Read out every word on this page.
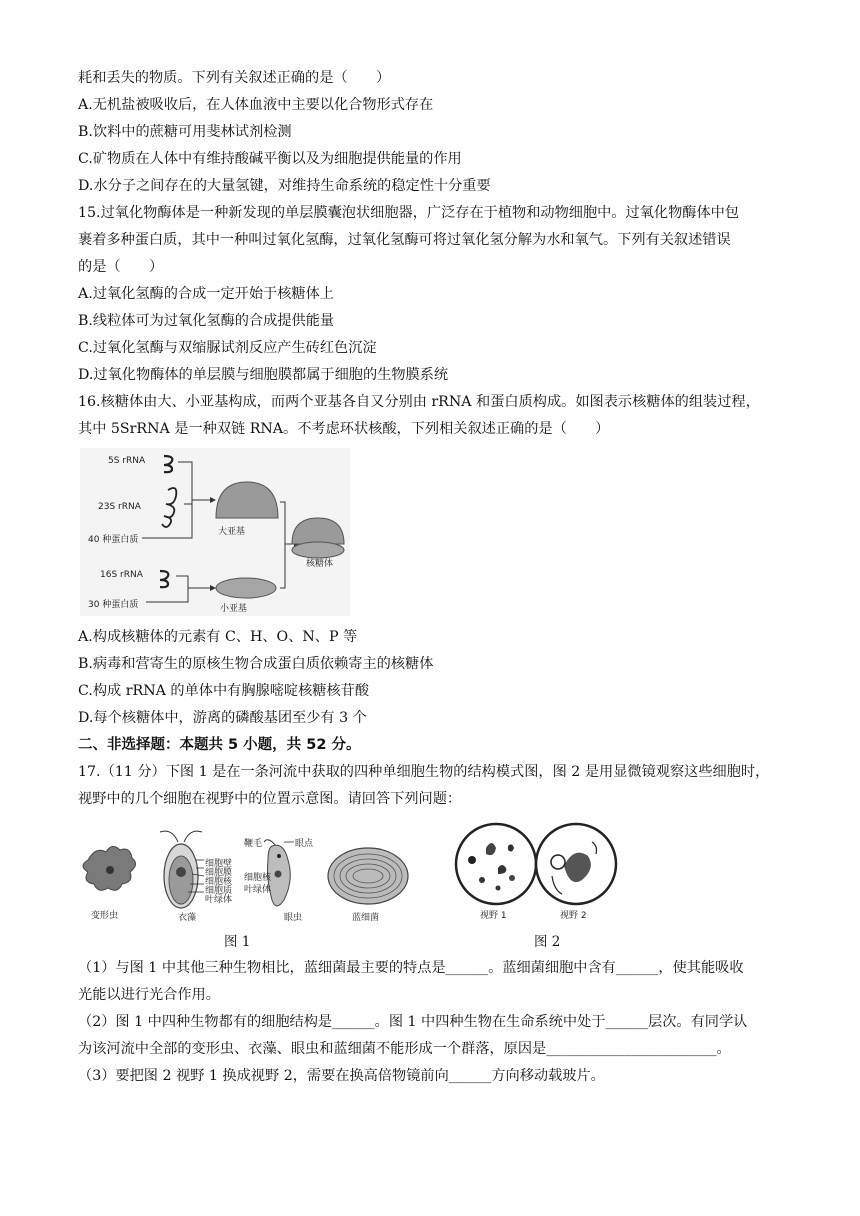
耗和丢失的物质。下列有关叙述正确的是（　　）
A.无机盐被吸收后，在人体血液中主要以化合物形式存在
B.饮料中的蔗糖可用斐林试剂检测
C.矿物质在人体中有维持酸碱平衡以及为细胞提供能量的作用
D.水分子之间存在的大量氢键，对维持生命系统的稳定性十分重要
15.过氧化物酶体是一种新发现的单层膜囊泡状细胞器，广泛存在于植物和动物细胞中。过氧化物酶体中包
裹着多种蛋白质，其中一种叫过氧化氢酶，过氧化氢酶可将过氧化氢分解为水和氧气。下列有关叙述错误
的是（　　）
A.过氧化氢酶的合成一定开始于核糖体上
B.线粒体可为过氧化氢酶的合成提供能量
C.过氧化氢酶与双缩脲试剂反应产生砖红色沉淀
D.过氧化物酶体的单层膜与细胞膜都属于细胞的生物膜系统
16.核糖体由大、小亚基构成，而两个亚基各自又分别由 rRNA 和蛋白质构成。如图表示核糖体的组装过程，
其中 5SrRNA 是一种双链 RNA。不考虑环状核酸，下列相关叙述正确的是（　　）
5S rRNA
23S rRNA
40 种蛋白质
大亚基
16S rRNA
30 种蛋白质	小亚基
核糖体
A.构成核糖体的元素有 C、H、O、N、P 等
B.病毒和营寄生的原核生物合成蛋白质依赖寄主的核糖体
C.构成 rRNA 的单体中有胸腺嘧啶核糖核苷酸
D.每个核糖体中，游离的磷酸基团至少有 3 个
二、非选择题：本题共 5 小题，共 52 分。
17.（11 分）下图 1 是在一条河流中获取的四种单细胞生物的结构模式图，图 2 是用显微镜观察这些细胞时，
视野中的几个细胞在视野中的位置示意图。请回答下列问题：
变形虫
细胞壁
细胞膜
细胞核
细胞质
叶绿体
衣藻
鞭毛	眼点
细胞核
叶绿体
眼虫	蓝细菌	视野 1	视野 2
图 1	图 2
（1）与图 1 中其他三种生物相比，蓝细菌最主要的特点是______。蓝细菌细胞中含有______，使其能吸收
光能以进行光合作用。
（2）图 1 中四种生物都有的细胞结构是______。图 1 中四种生物在生命系统中处于______层次。有同学认
为该河流中全部的变形虫、衣藻、眼虫和蓝细菌不能形成一个群落，原因是________________________。
（3）要把图 2 视野 1 换成视野 2，需要在换高倍物镜前向______方向移动载玻片。
